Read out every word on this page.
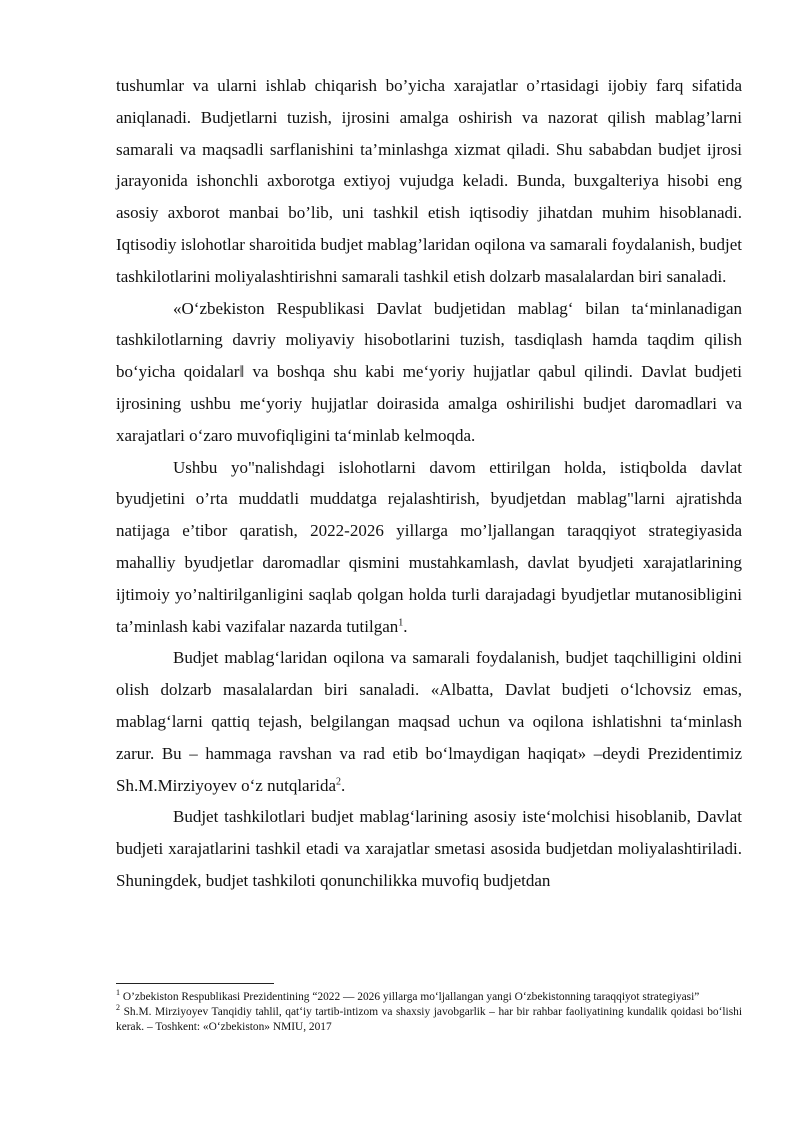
tushumlar va ularni ishlab chiqarish bo’yicha xarajatlar o’rtasidagi ijobiy farq sifatida aniqlanadi. Budjetlarni tuzish, ijrosini amalga oshirish va nazorat qilish mablag’larni samarali va maqsadli sarflanishini ta’minlashga xizmat qiladi. Shu sababdan budjet ijrosi jarayonida ishonchli axborotga extiyoj vujudga keladi. Bunda, buxgalteriya hisobi eng asosiy axborot manbai bo’lib, uni tashkil etish iqtisodiy jihatdan muhim hisoblanadi. Iqtisodiy islohotlar sharoitida budjet mablag’laridan oqilona va samarali foydalanish, budjet tashkilotlarini moliyalashtirishni samarali tashkil etish dolzarb masalalardan biri sanaladi.

«O‘zbekiston Respublikasi Davlat budjetidan mablag‘ bilan ta‘minlanadigan tashkilotlarning davriy moliyaviy hisobotlarini tuzish, tasdiqlash hamda taqdim qilish bo‘yicha qoidalar‖ va boshqa shu kabi me‘yoriy hujjatlar qabul qilindi. Davlat budjeti ijrosining ushbu me‘yoriy hujjatlar doirasida amalga oshirilishi budjet daromadlari va xarajatlari o‘zaro muvofiqligini ta‘minlab kelmoqda.

Ushbu yo"nalishdagi islohotlarni davom ettirilgan holda, istiqbolda davlat byudjetini o’rta muddatli muddatga rejalashtirish, byudjetdan mablag"larni ajratishda natijaga e’tibor qaratish, 2022-2026 yillarga mo’ljallangan taraqqiyot strategiyasida mahalliy byudjetlar daromadlar qismini mustahkamlash, davlat byudjeti xarajatlarining ijtimoiy yo’naltirilganligini saqlab qolgan holda turli darajadagi byudjetlar mutanosibligini ta’minlash kabi vazifalar nazarda tutilgan$^1$.

Budjet mablag‘laridan oqilona va samarali foydalanish, budjet taqchilligini oldini olish dolzarb masalalardan biri sanaladi. «Albatta, Davlat budjeti o‘lchovsiz emas, mablag‘larni qattiq tejash, belgilangan maqsad uchun va oqilona ishlatishni ta‘minlash zarur. Bu – hammaga ravshan va rad etib bo‘lmaydigan haqiqat» –deydi Prezidentimiz Sh.M.Mirziyoyev o‘z nutqlarida$^2$.

Budjet tashkilotlari budjet mablag‘larining asosiy iste‘molchisi hisoblanib, Davlat budjeti xarajatlarini tashkil etadi va xarajatlar smetasi asosida budjetdan moliyalashtiriladi. Shuningdek, budjet tashkiloti qonunchilikka muvofiq budjetdan

$^1$ O’zbekiston Respublikasi Prezidentining “2022 — 2026 yillarga mo‘ljallangan yangi O‘zbekistonning taraqqiyot strategiyasi”

$^2$ Sh.M. Mirziyoyev Tanqidiy tahlil, qat‘iy tartib-intizom va shaxsiy javobgarlik – har bir rahbar faoliyatining kundalik qoidasi bo‘lishi kerak. – Toshkent: «O‘zbekiston» NMIU, 2017
